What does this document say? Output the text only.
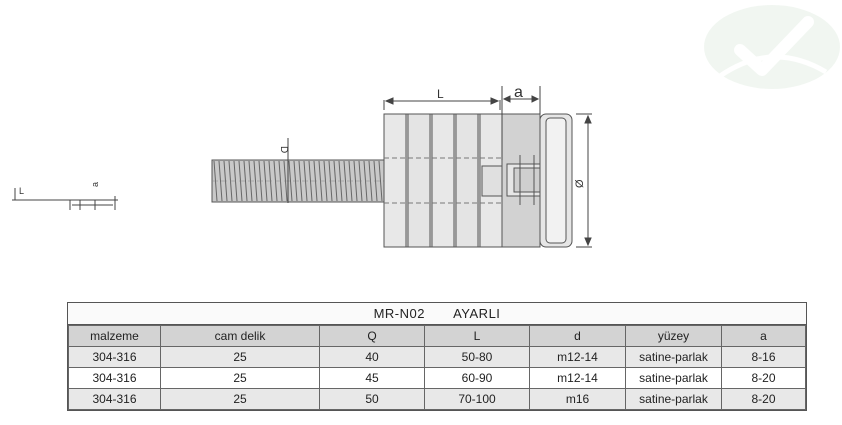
a
L
D
L	a
Ø
MR-N02 AYARLI
malzeme	cam delik	Q	L	d	yüzey	a
304-316	25	40	50-80	m12-14	satine-parlak	8-16
304-316	25	45	60-90	m12-14	satine-parlak	8-20
304-316	25	50	70-100	m16	satine-parlak	8-20
